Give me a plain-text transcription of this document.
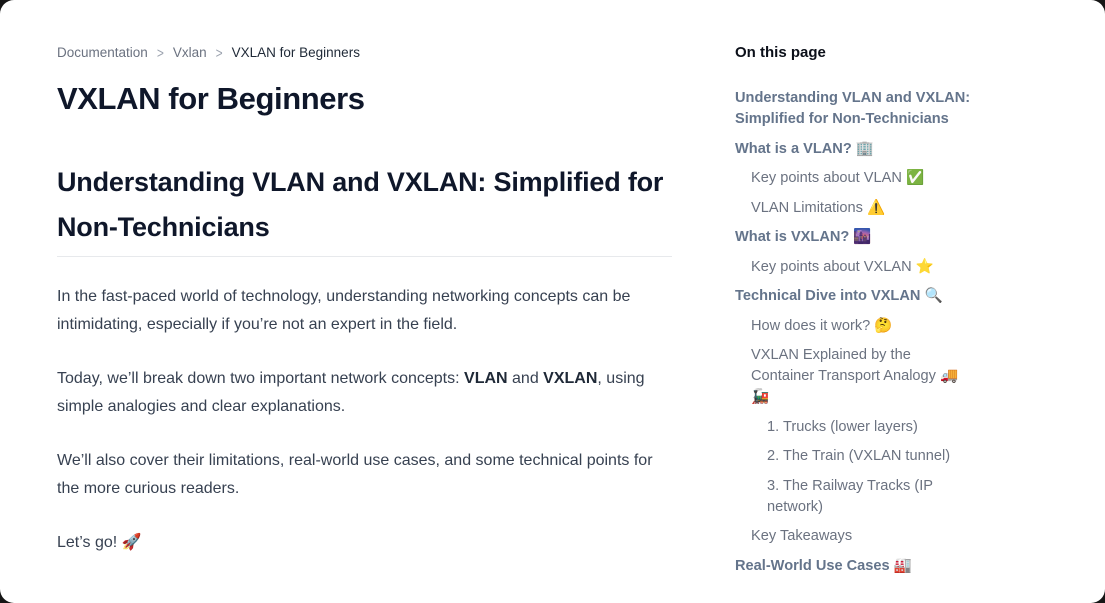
Documentation > Vxlan > VXLAN for Beginners
VXLAN for Beginners
Understanding VLAN and VXLAN: Simplified for Non-Technicians

In the fast-paced world of technology, understanding networking concepts can be intimidating, especially if you’re not an expert in the field.

Today, we’ll break down two important network concepts: VLAN and VXLAN, using simple analogies and clear explanations.

We’ll also cover their limitations, real-world use cases, and some technical points for the more curious readers.

Let’s go! 🚀

On this page
Understanding VLAN and VXLAN: Simplified for Non-Technicians
What is a VLAN? 🏢
Key points about VLAN ✅
VLAN Limitations ⚠️
What is VXLAN? 🌆
Key points about VXLAN ⭐
Technical Dive into VXLAN 🔍
How does it work? 🤔
VXLAN Explained by the Container Transport Analogy 🚚 🚂
1. Trucks (lower layers)
2. The Train (VXLAN tunnel)
3. The Railway Tracks (IP network)
Key Takeaways
Real-World Use Cases 🏭
